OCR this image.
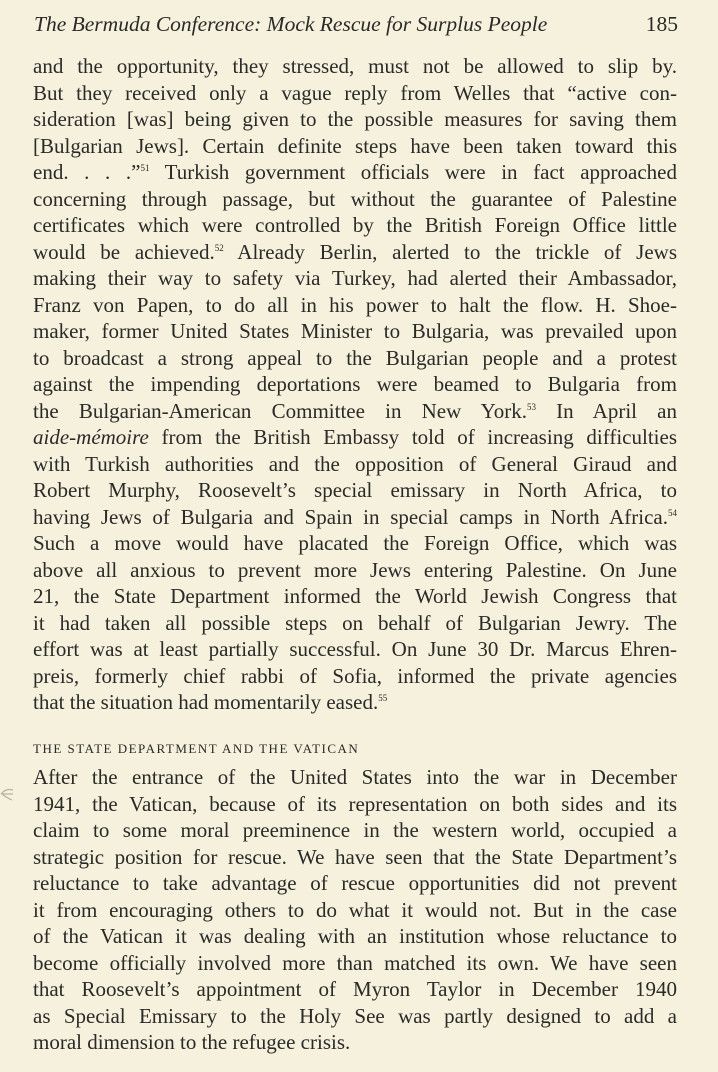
The Bermuda Conference: Mock Rescue for Surplus People	185
and the opportunity, they stressed, must not be allowed to slip by.
But they received only a vague reply from Welles that “active con-
sideration [was] being given to the possible measures for saving them
[Bulgarian Jews]. Certain definite steps have been taken toward this
end. . . .”$^{51}$ Turkish government officials were in fact approached
concerning through passage, but without the guarantee of Palestine
certificates which were controlled by the British Foreign Office little
would be achieved.$^{52}$ Already Berlin, alerted to the trickle of Jews
making their way to safety via Turkey, had alerted their Ambassador,
Franz von Papen, to do all in his power to halt the flow. H. Shoe-
maker, former United States Minister to Bulgaria, was prevailed upon
to broadcast a strong appeal to the Bulgarian people and a protest
against the impending deportations were beamed to Bulgaria from
the Bulgarian-American Committee in New York.$^{53}$ In April an
aide-mémoire from the British Embassy told of increasing difficulties
with Turkish authorities and the opposition of General Giraud and
Robert Murphy, Roosevelt’s special emissary in North Africa, to
having Jews of Bulgaria and Spain in special camps in North Africa.$^{54}$
Such a move would have placated the Foreign Office, which was
above all anxious to prevent more Jews entering Palestine. On June
21, the State Department informed the World Jewish Congress that
it had taken all possible steps on behalf of Bulgarian Jewry. The
effort was at least partially successful. On June 30 Dr. Marcus Ehren-
preis, formerly chief rabbi of Sofia, informed the private agencies
that the situation had momentarily eased.$^{55}$
THE STATE DEPARTMENT AND THE VATICAN
After the entrance of the United States into the war in December
1941, the Vatican, because of its representation on both sides and its
claim to some moral preeminence in the western world, occupied a
strategic position for rescue. We have seen that the State Department’s
reluctance to take advantage of rescue opportunities did not prevent
it from encouraging others to do what it would not. But in the case
of the Vatican it was dealing with an institution whose reluctance to
become officially involved more than matched its own. We have seen
that Roosevelt’s appointment of Myron Taylor in December 1940
as Special Emissary to the Holy See was partly designed to add a
moral dimension to the refugee crisis.
